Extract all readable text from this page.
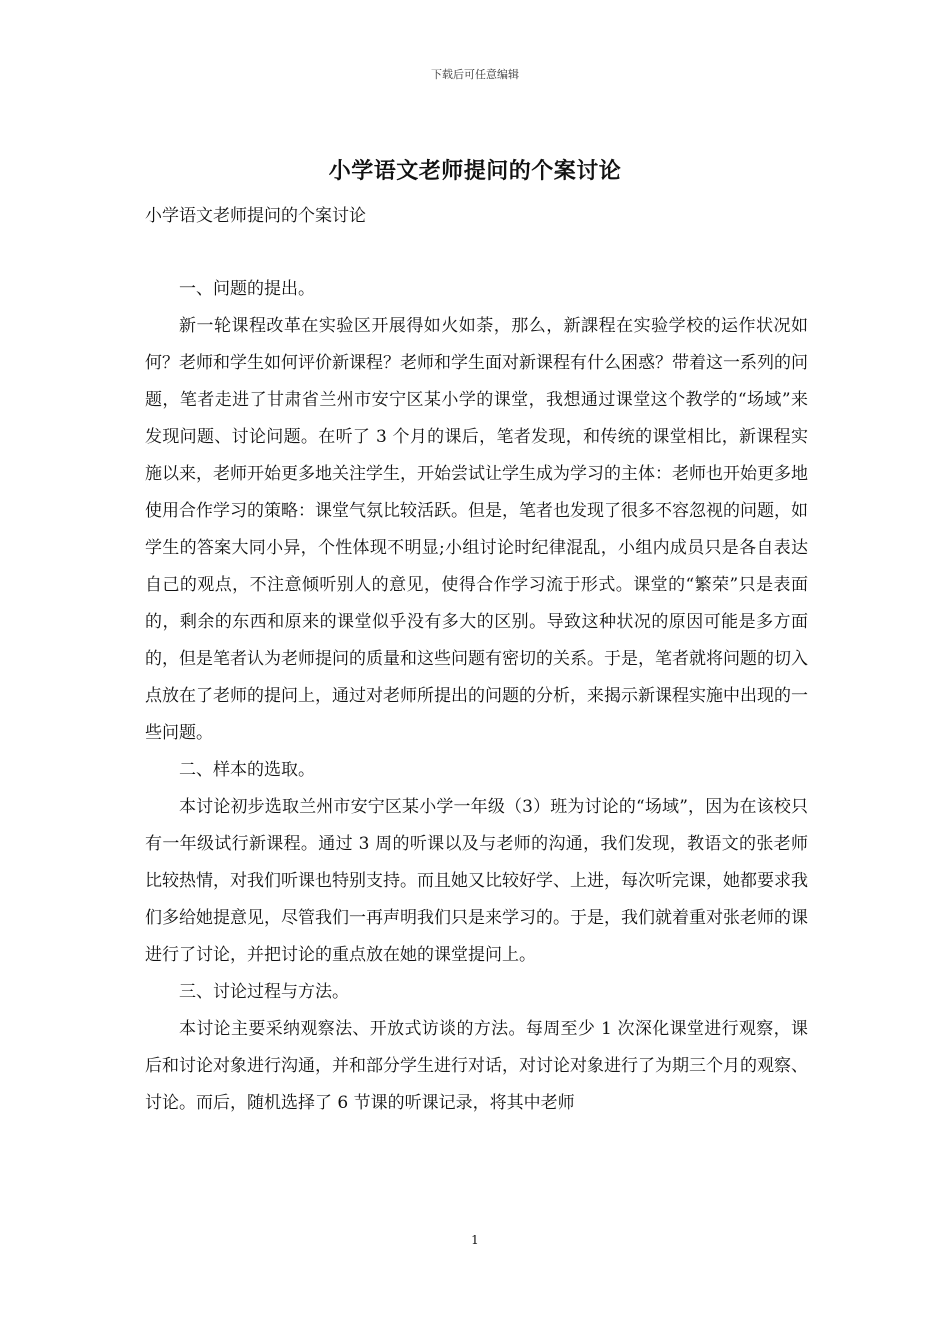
下载后可任意编辑
小学语文老师提问的个案讨论
小学语文老师提问的个案讨论

一、问题的提出。

新一轮课程改革在实验区开展得如火如荼，那么，新課程在实验学校的运作状况如何？老师和学生如何评价新课程？老师和学生面对新课程有什么困惑？带着这一系列的问题，笔者走进了甘肃省兰州市安宁区某小学的课堂，我想通过课堂这个教学的“场域”来发现问题、讨论问题。在听了 3 个月的课后，笔者发现，和传统的课堂相比，新课程实施以来，老师开始更多地关注学生，开始尝试让学生成为学习的主体：老师也开始更多地使用合作学习的策略：课堂气氛比较活跃。但是，笔者也发现了很多不容忽视的问题，如学生的答案大同小异，个性体现不明显;小组讨论时纪律混乱，小组内成员只是各自表达自己的观点，不注意倾听别人的意见，使得合作学习流于形式。课堂的“繁荣”只是表面的，剩余的东西和原来的课堂似乎没有多大的区别。导致这种状况的原因可能是多方面的，但是笔者认为老师提问的质量和这些问题有密切的关系。于是，笔者就将问题的切入点放在了老师的提问上，通过对老师所提出的问题的分析，来揭示新课程实施中出现的一些问题。

二、样本的选取。

本讨论初步选取兰州市安宁区某小学一年级（3）班为讨论的“场域”，因为在该校只有一年级试行新课程。通过 3 周的听课以及与老师的沟通，我们发现，教语文的张老师比较热情，对我们听课也特别支持。而且她又比较好学、上进，每次听完课，她都要求我们多给她提意见，尽管我们一再声明我们只是来学习的。于是，我们就着重对张老师的课进行了讨论，并把讨论的重点放在她的课堂提问上。

三、讨论过程与方法。

本讨论主要采纳观察法、开放式访谈的方法。每周至少 1 次深化课堂进行观察，课后和讨论对象进行沟通，并和部分学生进行对话，对讨论对象进行了为期三个月的观察、讨论。而后，随机选择了 6 节课的听课记录，将其中老师

1
